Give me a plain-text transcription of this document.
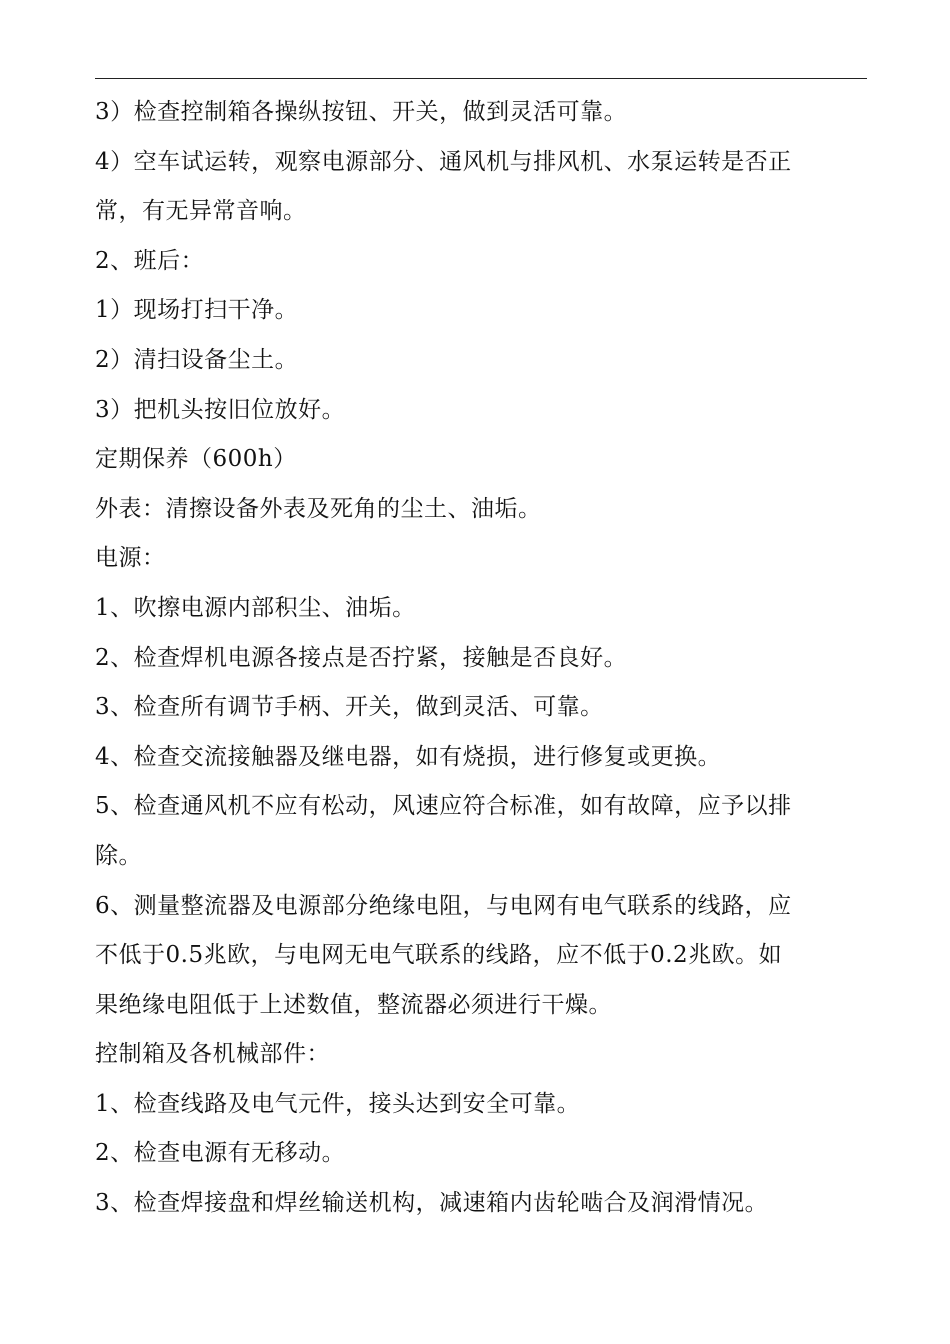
3）检查控制箱各操纵按钮、开关，做到灵活可靠。

4）空车试运转，观察电源部分、通风机与排风机、水泵运转是否正

常，有无异常音响。

2、班后：

1）现场打扫干净。

2）清扫设备尘土。

3）把机头按旧位放好。

定期保养（600h）

外表：清擦设备外表及死角的尘土、油垢。

电源：

1、吹擦电源内部积尘、油垢。

2、检查焊机电源各接点是否拧紧，接触是否良好。

3、检查所有调节手柄、开关，做到灵活、可靠。

4、检查交流接触器及继电器，如有烧损，进行修复或更换。

5、检查通风机不应有松动，风速应符合标准，如有故障，应予以排

除。

6、测量整流器及电源部分绝缘电阻，与电网有电气联系的线路，应

不低于0.5兆欧，与电网无电气联系的线路，应不低于0.2兆欧。如

果绝缘电阻低于上述数值，整流器必须进行干燥。

控制箱及各机械部件：

1、检查线路及电气元件，接头达到安全可靠。

2、检查电源有无移动。

3、检查焊接盘和焊丝输送机构，减速箱内齿轮啮合及润滑情况。
